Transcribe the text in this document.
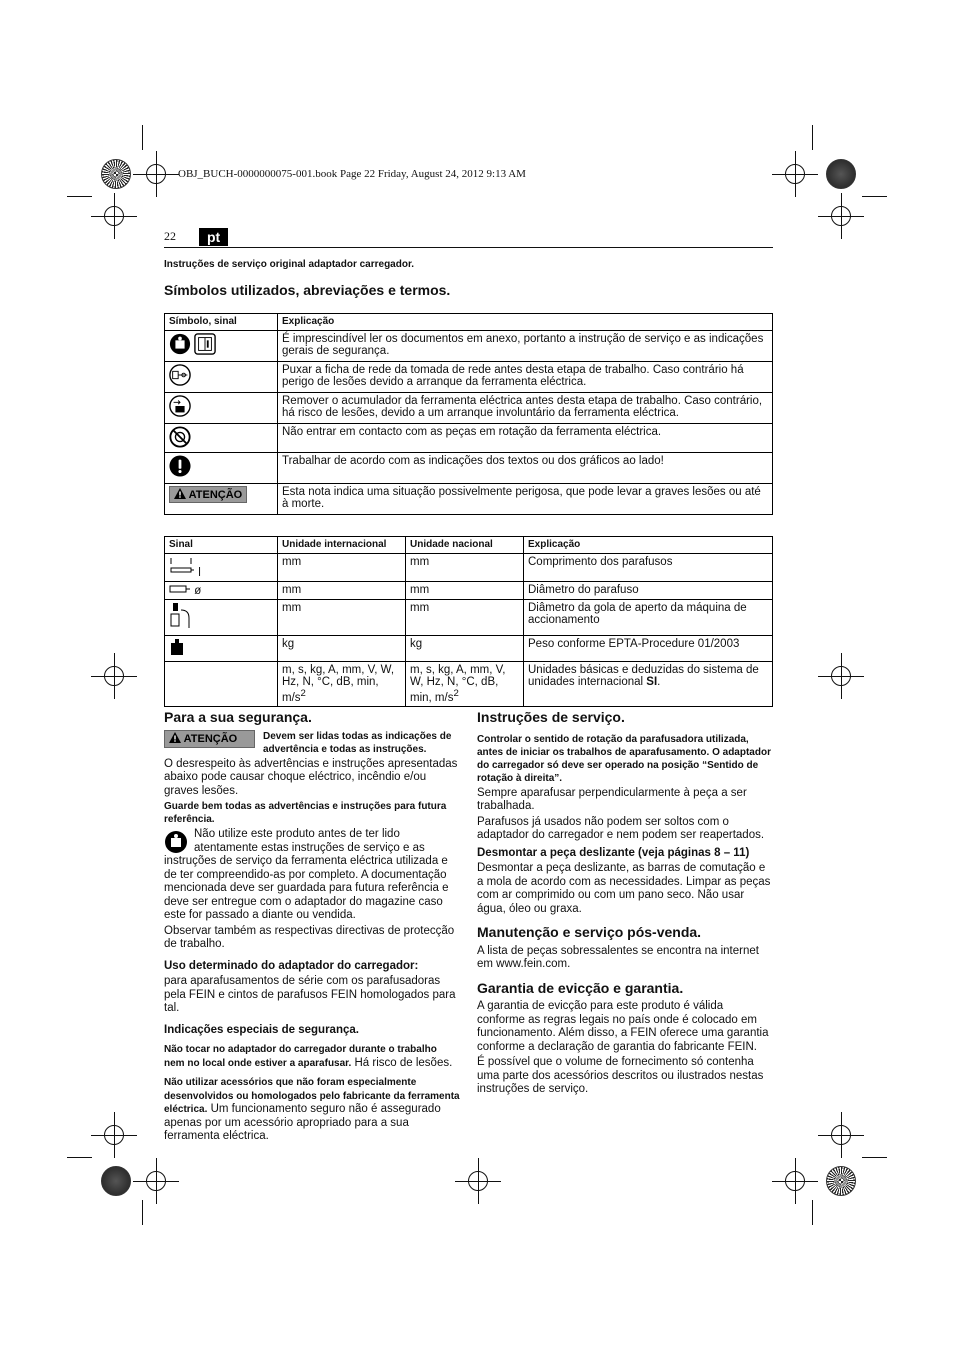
OBJ_BUCH-0000000075-001.book Page 22 Friday, August 24, 2012 9:13 AM
22	pt
Instruções de serviço original adaptador carregador.
Símbolos utilizados, abreviações e termos.
Símbolo, sinal	Explicação
	É imprescindível ler os documentos em anexo, portanto a instrução de serviço e as indicações gerais de segurança.
	Puxar a ficha de rede da tomada de rede antes desta etapa de trabalho. Caso contrário há perigo de lesões devido a arranque da ferramenta eléctrica.
	Remover o acumulador da ferramenta eléctrica antes desta etapa de trabalho. Caso contrário, há risco de lesões, devido a um arranque involuntário da ferramenta eléctrica.
	Não entrar em contacto com as peças em rotação da ferramenta eléctrica.
	Trabalhar de acordo com as indicações dos textos ou dos gráficos ao lado!
ATENÇÃO	Esta nota indica uma situação possivelmente perigosa, que pode levar a graves lesões ou até à morte.
Sinal	Unidade internacional	Unidade nacional	Explicação
l	mm	mm	Comprimento dos parafusos
ø	mm	mm	Diâmetro do parafuso
	mm	mm	Diâmetro da gola de aperto da máquina de accionamento
	kg	kg	Peso conforme EPTA-Procedure 01/2003
	m, s, kg, A, mm, V, W, Hz, N, °C, dB, min, $m/s^2$	m, s, kg, A, mm, V, W, Hz, N, °C, dB, min, $m/s^2$	Unidades básicas e deduzidas do sistema de unidades internacional SI.
Para a sua segurança.
ATENÇÃO	Devem ser lidas todas as indicações de advertência e todas as instruções.

O desrespeito às advertências e instruções apresentadas abaixo pode causar choque eléctrico, incêndio e/ou graves lesões.

Guarde bem todas as advertências e instruções para futura referência.

Não utilize este produto antes de ter lido atentamente estas instruções de serviço e as instruções de serviço da ferramenta eléctrica utilizada e de ter compreendido-as por completo. A documentação mencionada deve ser guardada para futura referência e deve ser entregue com o adaptador do magazine caso este for passado a diante ou vendida.

Observar também as respectivas directivas de protecção de trabalho.

Uso determinado do adaptador do carregador:

para aparafusamentos de série com os parafusadoras pela FEIN e cintos de parafusos FEIN homologados para tal.

Indicações especiais de segurança.

Não tocar no adaptador do carregador durante o trabalho nem no local onde estiver a aparafusar. Há risco de lesões.

Não utilizar acessórios que não foram especialmente desenvolvidos ou homologados pelo fabricante da ferramenta eléctrica. Um funcionamento seguro não é assegurado apenas por um acessório apropriado para a sua ferramenta eléctrica.

Instruções de serviço.

Controlar o sentido de rotação da parafusadora utilizada, antes de iniciar os trabalhos de aparafusamento. O adaptador do carregador só deve ser operado na posição “Sentido de rotação à direita”.

Sempre aparafusar perpendicularmente à peça a ser trabalhada.

Parafusos já usados não podem ser soltos com o adaptador do carregador e nem podem ser reapertados.

Desmontar a peça deslizante (veja páginas 8 – 11)

Desmontar a peça deslizante, as barras de comutação e a mola de acordo com as necessidades. Limpar as peças com ar comprimido ou com um pano seco. Não usar água, óleo ou graxa.

Manutenção e serviço pós-venda.

A lista de peças sobressalentes se encontra na internet em www.fein.com.

Garantia de evicção e garantia.

A garantia de evicção para este produto é válida conforme as regras legais no país onde é colocado em funcionamento. Além disso, a FEIN oferece uma garantia conforme a declaração de garantia do fabricante FEIN.

É possível que o volume de fornecimento só contenha uma parte dos acessórios descritos ou ilustrados nestas instruções de serviço.
